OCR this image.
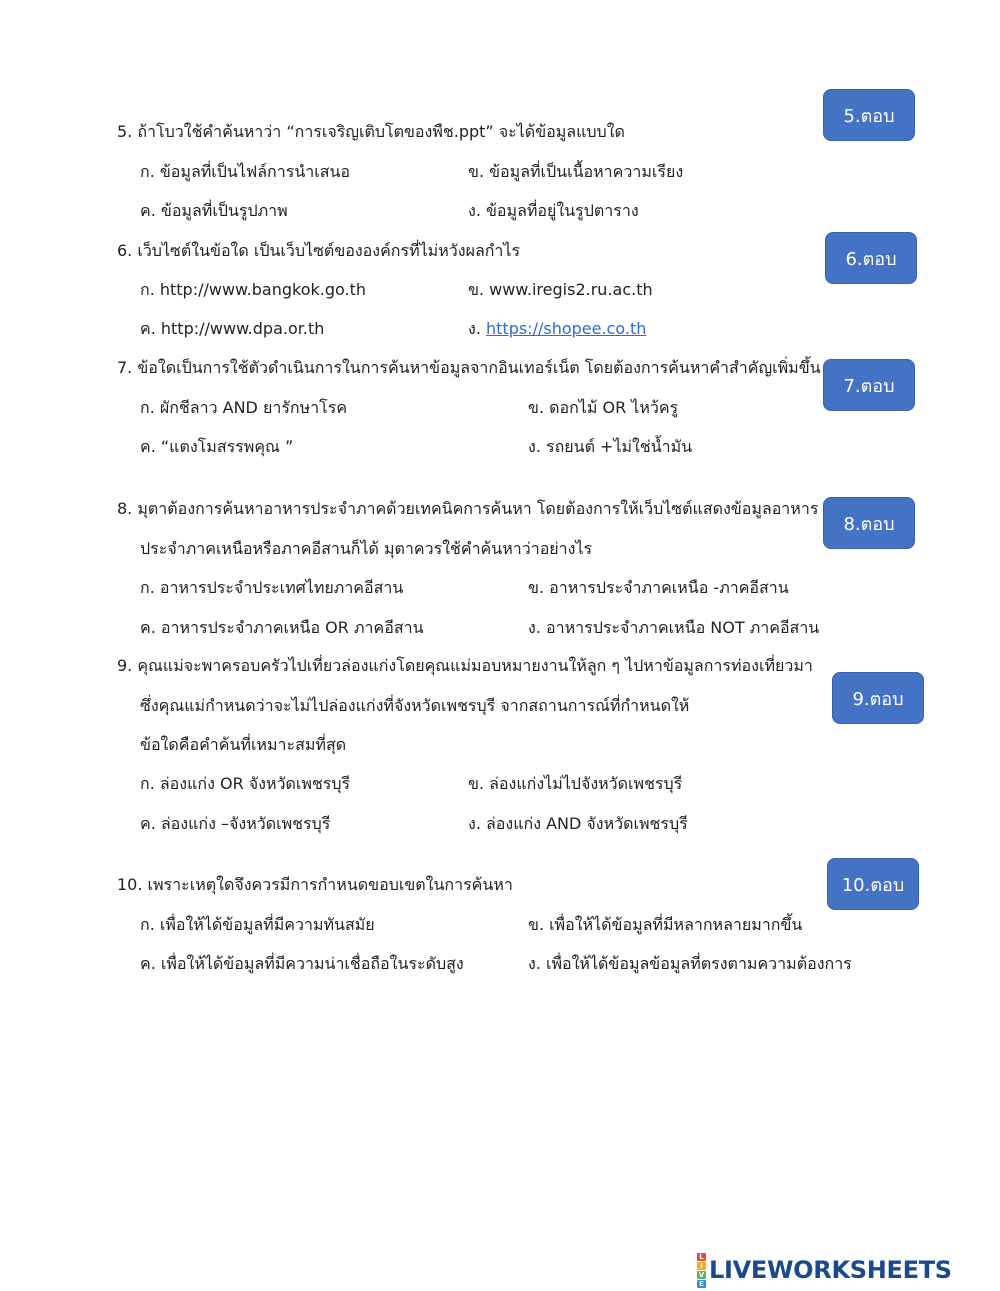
5. ถ้าโบวใช้คำค้นหาว่า “การเจริญเติบโตของพืช.ppt” จะได้ข้อมูลแบบใด
ก. ข้อมูลที่เป็นไฟล์การนำเสนอ	ข. ข้อมูลที่เป็นเนื้อหาความเรียง
ค. ข้อมูลที่เป็นรูปภาพ	ง. ข้อมูลที่อยู่ในรูปตาราง
5.ตอบ
6. เว็บไซต์ในข้อใด เป็นเว็บไซต์ขององค์กรที่ไม่หวังผลกำไร
ก. http://www.bangkok.go.th	ข. www.iregis2.ru.ac.th
ค. http://www.dpa.or.th	ง. https://shopee.co.th
6.ตอบ
7. ข้อใดเป็นการใช้ตัวดำเนินการในการค้นหาข้อมูลจากอินเทอร์เน็ต โดยต้องการค้นหาคำสำคัญเพิ่มขึ้น
ก. ผักชีลาว AND ยารักษาโรค	ข. ดอกไม้ OR ไหว้ครู
ค. “แตงโมสรรพคุณ ”	ง. รถยนต์ +ไม่ใช่น้ำมัน
7.ตอบ
8. มุตาต้องการค้นหาอาหารประจำภาคด้วยเทคนิคการค้นหา โดยต้องการให้เว็บไซต์แสดงข้อมูลอาหาร
ประจำภาคเหนือหรือภาคอีสานก็ได้ มุตาควรใช้คำค้นหาว่าอย่างไร
ก. อาหารประจำประเทศไทยภาคอีสาน	ข. อาหารประจำภาคเหนือ -ภาคอีสาน
ค. อาหารประจำภาคเหนือ OR ภาคอีสาน	ง. อาหารประจำภาคเหนือ NOT ภาคอีสาน
8.ตอบ
9. คุณแม่จะพาครอบครัวไปเที่ยวล่องแก่งโดยคุณแม่มอบหมายงานให้ลูก ๆ ไปหาข้อมูลการท่องเที่ยวมา
ซึ่งคุณแม่กำหนดว่าจะไม่ไปล่องแก่งที่จังหวัดเพชรบุรี จากสถานการณ์ที่กำหนดให้
ข้อใดคือคำค้นที่เหมาะสมที่สุด
ก. ล่องแก่ง OR จังหวัดเพชรบุรี	ข. ล่องแก่งไม่ไปจังหวัดเพชรบุรี
ค. ล่องแก่ง –จังหวัดเพชรบุรี	ง. ล่องแก่ง AND จังหวัดเพชรบุรี
9.ตอบ
10. เพราะเหตุใดจึงควรมีการกำหนดขอบเขตในการค้นหา
ก. เพื่อให้ได้ข้อมูลที่มีความทันสมัย	ข. เพื่อให้ได้ข้อมูลที่มีหลากหลายมากขึ้น
ค. เพื่อให้ได้ข้อมูลที่มีความน่าเชื่อถือในระดับสูง	ง. เพื่อให้ได้ข้อมูลข้อมูลที่ตรงตามความต้องการ
10.ตอบ
L
I
V
E LIVEWORKSHEETS
